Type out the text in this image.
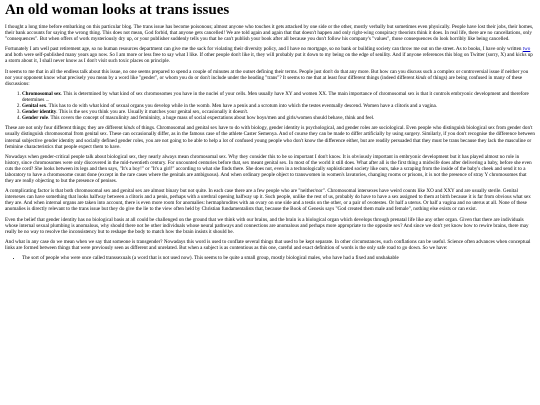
An old woman looks at trans issues

I thought a long time before embarking on this particular blog. The trans issue has become poisonous; almost anyone who touches it gets attacked by one side or the other, mostly verbally but sometimes even physically. People have lost their jobs, their homes, their bank accounts for saying the wrong thing. This does not mean, God forbid, that anyone gets cancelled! We are told again and again that that doesn't happen and only right-wing conspiracy theorists think it does. In real life, there are no cancellations, only "consequences". But when offers of work mysteriously dry up, or your publisher suddenly tells you that he can't publish your book after all because you don't follow his company's "values", those consequences do look horribly like being cancelled.

Fortunately I am well past retirement age, so no human resources department can give me the sack for violating their diversity policy, and I have no mortgage, so no bank or building society can throw me out on the street. As to books, I have only written two and both were self-published many years ago now. So I am more or less free to say what I like. If other people don't like it, they will probably put it down to my being on the edge of senility. And if anyone references this blog on Twitter (sorry, X) and kicks up a storm about it, I shall never know as I don't visit such toxic places on principle.

It seems to me that in all the endless talk about this issue, no one seems prepared to spend a couple of minutes at the outset defining their terms. People just don't do that any more. But how can you discuss such a complex or controversial issue if neither you nor your opponent know what precisely you mean by a word like "gender", or whom you do or don't include under the heading "trans"? It seems to me that at least four different things (indeed different kinds of things) are being confused in many of these discussions:

1. Chromosomal sex. This is determined by what kind of sex chromosomes you have in the nuclei of your cells. Men usually have XY and women XX. The main importance of chromosomal sex is that it controls embryonic development and therefore determines ...
2. Genital sex. This has to do with what kind of sexual organs you develop while in the womb. Men have a penis and a scrotum into which the testes eventually descend. Women have a clitoris and a vagina.
3. Gender identity. This is the sex you think you are. Usually it matches your genital sex, occasionally it doesn't.
4. Gender role. This covers the concept of masculinity and femininity, a huge mass of social expectations about how boys/men and girls/women should behave, think and feel.

These are not only four different things; they are different kinds of things. Chromosomal and genital sex have to do with biology, gender identity is psychological, and gender roles are sociological. Even people who distinguish biological sex from gender don't usually distinguish chromosomal from genital sex. These can occasionally differ, as in the famous case of the athlete Caster Semenya. And of course they can be made to differ artificially by using surgery. Similarly, if you don't recognise the difference between internal subjective gender identity and socially defined gender roles, you are not going to be able to help a lot of confused young people who don't know the difference either, but are readily persuaded that they must be trans because they lack the masculine or feminine characteristics that people expect them to have.

Nowadays when gender-critical people talk about biological sex, they nearly always mean chromosomal sex. Why they consider this to be so important I don't know. It is obviously important in embryonic development but it has played almost no role in history, since chromosomes were only discovered in the mid-twentieth century. For uncounted centuries before that, sex meant genital sex. In most of the world it still does. What after all is the first thing a midwife does after delivering a baby, before she even cuts the cord? She looks between its legs and then says, "It's a boy!" or "It's a girl!" according to what she finds there. She does not, even in a technologically sophisticated society like ours, take a scraping from the inside of the baby's cheek and send it to a laboratory to have a chromosome count done (except in the rare cases where the genitals are ambiguous). And when ordinary people object to transwomen in women's lavatories, changing rooms or prisons, it is not the presence of stray Y chromosomes that they are really objecting to but the presence of penises.

A complicating factor is that both chromosomal sex and genital sex are almost binary but not quite. In each case there are a few people who are "neither/nor". Chromosomal intersexes have weird counts like XO and XXY and are usually sterile. Genital intersexes can have something that looks halfway between a clitoris and a penis, perhaps with a urethral opening halfway up it. Such people, unlike the rest of us, probably do have to have a sex assigned to them at birth because it is far from obvious what sex they are. And when internal organs are taken into account, there is even more room for anomalies: hermaphrodites with an ovary on one side and a testis on the other, or a pair of ovotestes. Or half a uterus. Or half a vagina and no uterus at all. None of these anomalies is directly relevant to the trans issue but they do give the lie to the view often held by Christian fundamentalists that, because the Book of Genesis says "God created them male and female", nothing else exists or can exist.

Even the belief that gender identity has no biological basis at all could be challenged on the ground that we think with our brains, and the brain is a biological organ which develops through prenatal life like any other organ. Given that there are individuals whose internal sexual plumbing is anomalous, why should there not be other individuals whose neural pathways and connections are anomalous and perhaps more appropriate to the opposite sex? And since we don't yet know how to rewire brains, there may really be no way to resolve the inconsistency but to reshape the body to match how the brain insists it should be.

And what in any case do we mean when we say that someone is transgender? Nowadays this word is used to conflate several things that used to be kept separate. In other circumstances, such conflations can be useful. Science often advances when conceptual links are formed between things that were previously seen as different and unrelated. But when a subject is as contentious as this one, careful and exact definition of words is the only safe road to go down. So we have:

• The sort of people who were once called transsexuals (a word that is not used now). This seems to be quite a small group, mostly biological males, who have had a fixed and unshakable
